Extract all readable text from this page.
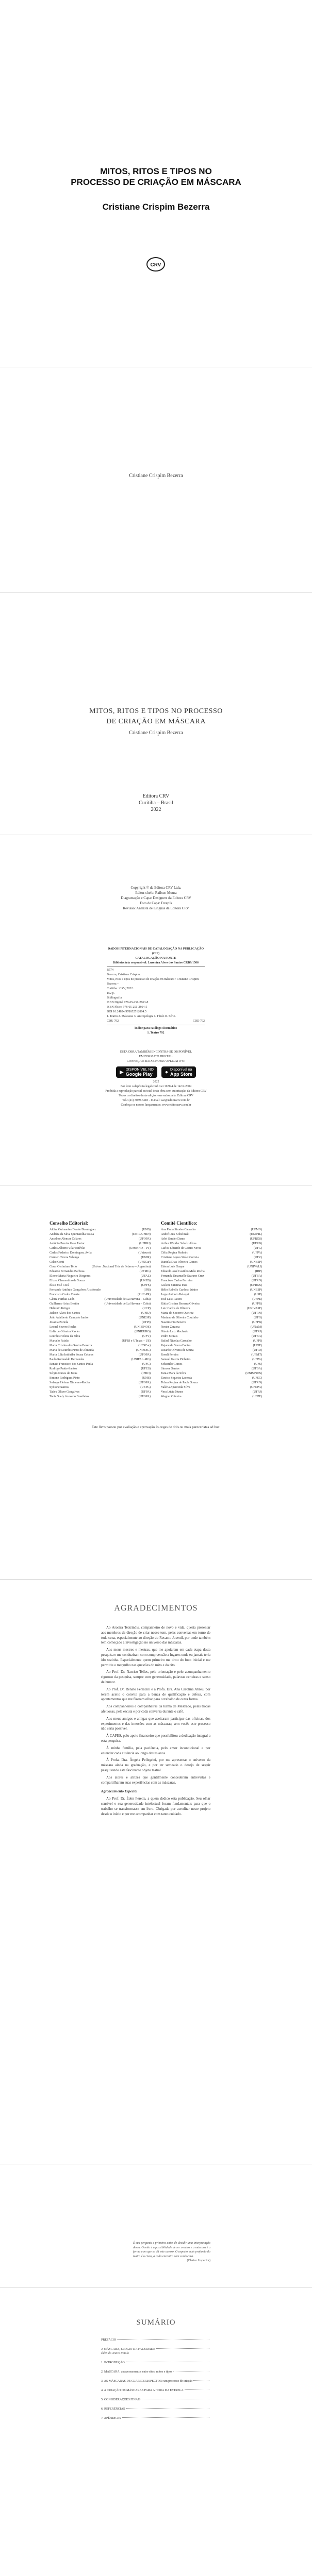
MITOS, RITOS E TIPOS NO
PROCESSO DE CRIAÇÃO EM MÁSCARA
Cristiane Crispim Bezerra
CRV
Cristiane Crispim Bezerra
MITOS, RITOS E TIPOS NO PROCESSO
DE CRIAÇÃO EM MÁSCARA
Cristiane Crispim Bezerra
Editora CRV
Curitiba – Brasil
2022
Copyright © da Editora CRV Ltda.
Editor-chefe: Railson Moura
Diagramação e Capa: Designers da Editora CRV
Foto de Capa: Freepik
Revisão: Analista de Línguas da Editora CRV
DADOS INTERNACIONAIS DE CATALOGAÇÃO NA PUBLICAÇÃO (CIP)
CATALOGAÇÃO NA FONTE
Bibliotecária responsável: Luzenira Alves dos Santos CRB9/1506
B574
Bezerra, Cristiane Crispim.
Mitos, ritos e tipos no processo de criação em máscara / Cristiane Crispim Bezerra –
Curitiba : CRV, 2022.
152 p.
Bibliografia
ISBN Digital 978-65-251-2863-8
ISBN Físico 978-65-251-2864-5
DOI 10.24824/978652512864.5
1. Teatro 2. Máscaras 3. Antropologia I. Título II. Série.
CDU 792	CDD 792
Índice para catálogo sistemático
1. Teatro 792
ESTA OBRA TAMBÉM ENCONTRA-SE DISPONÍVEL
EM FORMATO DIGITAL.
CONHEÇA E BAIXE NOSSO APLICATIVO!
▶ DISPONÍVEL NO
Google Play ● Disponível na
App Store
2022
Foi feito o depósito legal conf. Lei 10.994 de 14/12/2004
Proibida a reprodução parcial ou total desta obra sem autorização da Editora CRV
Todos os direitos desta edição reservados pela: Editora CRV
Tel.: (41) 3039-6418 – E-mail: sac@editoracrv.com.br
Conheça os nossos lançamentos: www.editoracrv.com.br
Conselho Editorial:
Aldira Guimarães Duarte Domínguez	(UNB)
Andréia da Silva Quintanilha Sousa	(UNIR/UFRN)
Anselmo Alencar Colares	(UFOPA)
Antônio Pereira Gaio Júnior	(UFRRJ)
Carlos Alberto Vilar Estêvão	(UMINHO – PT)
Carlos Federico Dominguez Avila	(Unieuro)
Carmen Tereza Velanga	(UNIR)
Celso Conti	(UFSCar)
Cesar Gerónimo Tello	(Univer .Nacional Três de Febrero – Argentina)
Eduardo Fernandes Barbosa	(UFMG)
Elione Maria Nogueira Diogenes	(UFAL)
Elizeu Clementino de Souza	(UNEB)
Élsio José Corá	(UFFS)
Fernando Antônio Gonçalves Alcoforado	(IPB)
Francisco Carlos Duarte	(PUC-PR)
Gloria Fariñas León	(Universidade de La Havana – Cuba)
Guillermo Arias Beatón	(Universidade de La Havana – Cuba)
Helmuth Krüger	(UCP)
Jailson Alves dos Santos	(UFRJ)
João Adalberto Campato Junior	(UNESP)
Josania Portela	(UFPI)
Leonel Severo Rocha	(UNISINOS)
Lídia de Oliveira Xavier	(UNIEURO)
Lourdes Helena da Silva	(UFV)
Marcelo Paixão	(UFRJ e UTexas – US)
Maria Cristina dos Santos Bezerra	(UFSCar)
Maria de Lourdes Pinto de Almeida	(UNOESC)
Maria Lília Imbiriba Sousa Colares	(UFOPA)
Paulo Romualdo Hernandes	(UNIFAL-MG)
Renato Francisco dos Santos Paula	(UFG)
Rodrigo Pratte-Santos	(UFES)
Sérgio Nunes de Jesus	(IFRO)
Simone Rodrigues Pinto	(UNB)
Solange Helena Ximenes-Rocha	(UFOPA)
Sydione Santos	(UEPG)
Tadeu Oliver Gonçalves	(UFPA)
Tania Suely Azevedo Brasileiro	(UFOPA)
Comitê Científico:
Ana Paula Simões Carvalho	(UFMG)
André Luis Kobelinski	(UNIFIL)
Arlei Sander Damo	(UFRGS)
Arthur Wedder Schulz Alves	(UFRB)
Carlos Eduardo de Castro Neves	(UFG)
Célia Regina Pinheiro	(UFPA)
Cristiane Agnes Stolet Correia	(UFV)
Daniela Dias Oliveira Gomes	(UNESP)
Edson Luiz Gaspar	(UNIVALI)
Eduardo José Castilho Melo Rocha	(IBP)
Fernanda Emanuelle Scarano Cruz	(UFBA)
Francisco Carlos Ferreira	(UFRN)
Gislene Cristina Paes	(UFRGS)
Hélio Rebello Cardoso Júnior	(UNESP)
Jorge Antonio Beloqui	(USP)
José Luiz Ratton	(UFPE)
Kátia Cristina Bezerra Oliveira	(UFPR)
Luiz Carlos de Oliveira	(UNIVASF)
Maria do Socorro Queiroz	(UFRN)
Mariano de Oliveira Coutinho	(UFG)
Nascimento Bezerra	(UFPB)
Nestor Zarzosa	(UNAM)
Otávio Luiz Machado	(UFRJ)
Pedro Morais	(UFBA)
Rafael Nicolau Carvalho	(UFPI)
Rejane de Souza Fontes	(UFJF)
Ricardo Oliveira de Souza	(UFRJ)
Roseli Pereira	(UFMT)
Samuel Garcia Pinheiro	(UFPA)
Sebastião Gomes	(UFS)
Simone Santos	(UFBA)
Tania Mara da Silva	(UNISINOS)
Tarciso Siqueira Lacerda	(UFSC)
Telma Regina de Paula Souza	(UFRN)
Valéria Aparecida Silva	(UFOPA)
Vera Lúcia Nunes	(UFRJ)
Wagner Oliveira	(UFPE)
Este livro passou por avaliação e aprovação às cegas de dois ou mais pareceristas ad hoc.
AGRADECIMENTOS

Ao Aroeira Teatrinóis, companheiro de novo e vida, queria presentar aos membros da direção de criar nosso tom, pelas conversas em torno de toda cena, especialmente ao direção do Recanto Juvenil, por onde também tem começado a investigação no universo das máscaras.

Aos meus mestres e mestras, que me apoiaram em cada etapa desta pesquisa e me conduziram com compreensão a lugares onde eu jamais teria ido sozinha. Especialmente quem primeiro me tirou do foco inicial e me permitiu o mergulho nas questões do mito e do rito.

Ao Prof. Dr. Narciso Telles, pela orientação e pelo acompanhamento rigoroso da pesquisa, sempre com generosidade, palavras certeiras e senso de humor.

Ao Prof. Dr. Renato Ferracini e à Profa. Dra. Ana Carolina Abreu, por terem aceito o convite para a banca de qualificação e defesa, com apontamentos que me fizeram olhar para o trabalho de outra forma.

Aos companheiros e companheiras da turma de Mestrado, pelas trocas afetuosas, pela escuta e por cada conversa durante o café.

Aos meus amigos e amigas que aceitaram participar das oficinas, dos experimentos e das imersões com as máscaras; sem vocês este processo não seria possível.

À CAPES, pelo apoio financeiro que possibilitou a dedicação integral a esta pesquisa.

À minha família, pela paciência, pelo amor incondicional e por entender cada ausência ao longo destes anos.

À Profa. Dra. Ângela Pellegrini, por me apresentar o universo da máscara ainda na graduação, e por ter semeado o desejo de seguir pesquisando este fascinante objeto teatral.

Aos atores e atrizes que gentilmente concederam entrevistas e compartilharam suas experiências com as máscaras.

Agradecimento Especial

Ao Prof. Dr. Éden Peretta, a quem dedico esta publicação. Seu olhar sensível e sua generosidade intelectual foram fundamentais para que o trabalho se transformasse em livro. Obrigada por acreditar neste projeto desde o início e por me acompanhar com tanto cuidado.

É sua pergunta e primeira antes de decidir uma interpretação dessa. O mito é a possibilidade de ser o outro e a máscara é a forma com que se dá este acesso. O aspecto mais profundo do teatro é o risco, a cada encontro com a máscara.
(Clarice Lispector)
SUMÁRIO
PREFÁCIO
A MÁSCARA, ELOGIO DA FALSIDADE
Éden do Teatro Rotulo
1. INTRODUÇÃO
2. MÁSCARA: atravessamentos entre ritos, mitos e tipos
3. AS MÁSCARAS DE CLARICE LISPECTOR: um processo de criação
4. A CRIAÇÃO DE MÁSCARAS PARA A HORA DA ESTRELA
5. CONSIDERAÇÕES FINAIS
6. REFERÊNCIAS
7. APÊNDICES
